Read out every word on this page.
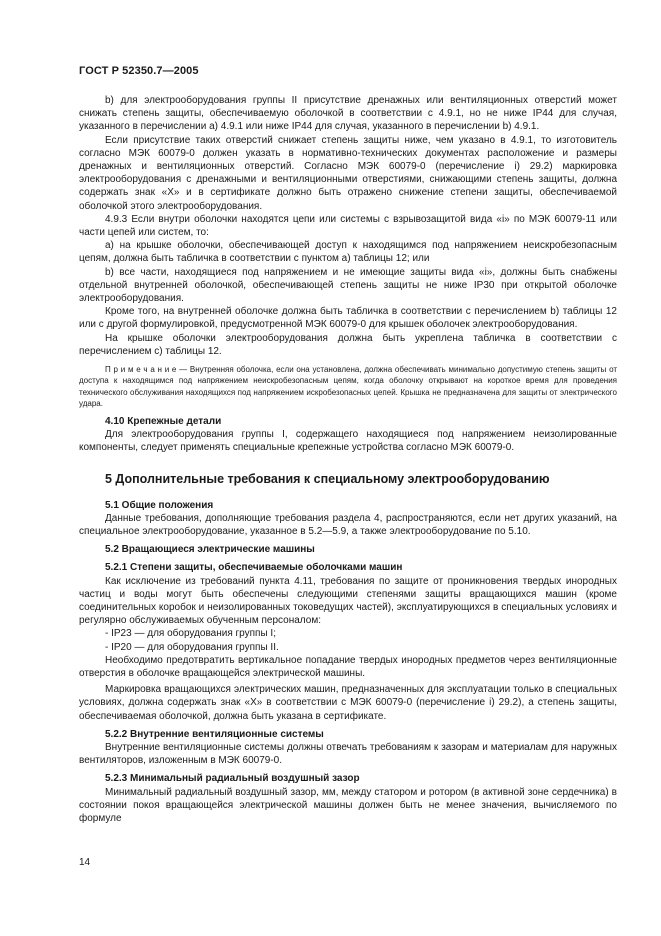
ГОСТ Р 52350.7—2005

b) для электрооборудования группы II присутствие дренажных или вентиляционных отверстий может снижать степень защиты, обеспечиваемую оболочкой в соответствии с 4.9.1, но не ниже IP44 для случая, указанного в перечислении а) 4.9.1 или ниже IP44 для случая, указанного в перечислении b) 4.9.1.

Если присутствие таких отверстий снижает степень защиты ниже, чем указано в 4.9.1, то изготовитель согласно МЭК 60079-0 должен указать в нормативно-технических документах расположение и размеры дренажных и вентиляционных отверстий. Согласно МЭК 60079-0 (перечисление i) 29.2) маркировка электрооборудования с дренажными и вентиляционными отверстиями, снижающими степень защиты, должна содержать знак «X» и в сертификате должно быть отражено снижение степени защиты, обеспечиваемой оболочкой этого электрооборудования.

4.9.3 Если внутри оболочки находятся цепи или системы с взрывозащитой вида «i» по МЭК 60079-11 или части цепей или систем, то:

а) на крышке оболочки, обеспечивающей доступ к находящимся под напряжением неискробезопасным цепям, должна быть табличка в соответствии с пунктом а) таблицы 12; или

b) все части, находящиеся под напряжением и не имеющие защиты вида «i», должны быть снабжены отдельной внутренней оболочкой, обеспечивающей степень защиты не ниже IP30 при открытой оболочке электрооборудования.

Кроме того, на внутренней оболочке должна быть табличка в соответствии с перечислением b) таблицы 12 или с другой формулировкой, предусмотренной МЭК 60079-0 для крышек оболочек электрооборудования.

На крышке оболочки электрооборудования должна быть укреплена табличка в соответствии с перечислением с) таблицы 12.

П р и м е ч а н и е — Внутренняя оболочка, если она установлена, должна обеспечивать минимально допустимую степень защиты от доступа к находящимся под напряжением неискробезопасным цепям, когда оболочку открывают на короткое время для проведения технического обслуживания находящихся под напряжением искробезопасных цепей. Крышка не предназначена для защиты от электрического удара.

4.10 Крепежные детали

Для электрооборудования группы I, содержащего находящиеся под напряжением неизолированные компоненты, следует применять специальные крепежные устройства согласно МЭК 60079-0.

5 Дополнительные требования к специальному электрооборудованию

5.1 Общие положения

Данные требования, дополняющие требования раздела 4, распространяются, если нет других указаний, на специальное электрооборудование, указанное в 5.2—5.9, а также электрооборудование по 5.10.

5.2 Вращающиеся электрические машины

5.2.1 Степени защиты, обеспечиваемые оболочками машин

Как исключение из требований пункта 4.11, требования по защите от проникновения твердых инородных частиц и воды могут быть обеспечены следующими степенями защиты вращающихся машин (кроме соединительных коробок и неизолированных токоведущих частей), эксплуатирующихся в специальных условиях и регулярно обслуживаемых обученным персоналом:

- IP23 — для оборудования группы I;

- IP20 — для оборудования группы II.

Необходимо предотвратить вертикальное попадание твердых инородных предметов через вентиляционные отверстия в оболочке вращающейся электрической машины.

Маркировка вращающихся электрических машин, предназначенных для эксплуатации только в специальных условиях, должна содержать знак «X» в соответствии с МЭК 60079-0 (перечисление i) 29.2), а степень защиты, обеспечиваемая оболочкой, должна быть указана в сертификате.

5.2.2 Внутренние вентиляционные системы

Внутренние вентиляционные системы должны отвечать требованиям к зазорам и материалам для наружных вентиляторов, изложенным в МЭК 60079-0.

5.2.3 Минимальный радиальный воздушный зазор

Минимальный радиальный воздушный зазор, мм, между статором и ротором (в активной зоне сердечника) в состоянии покоя вращающейся электрической машины должен быть не менее значения, вычисляемого по формуле

14
